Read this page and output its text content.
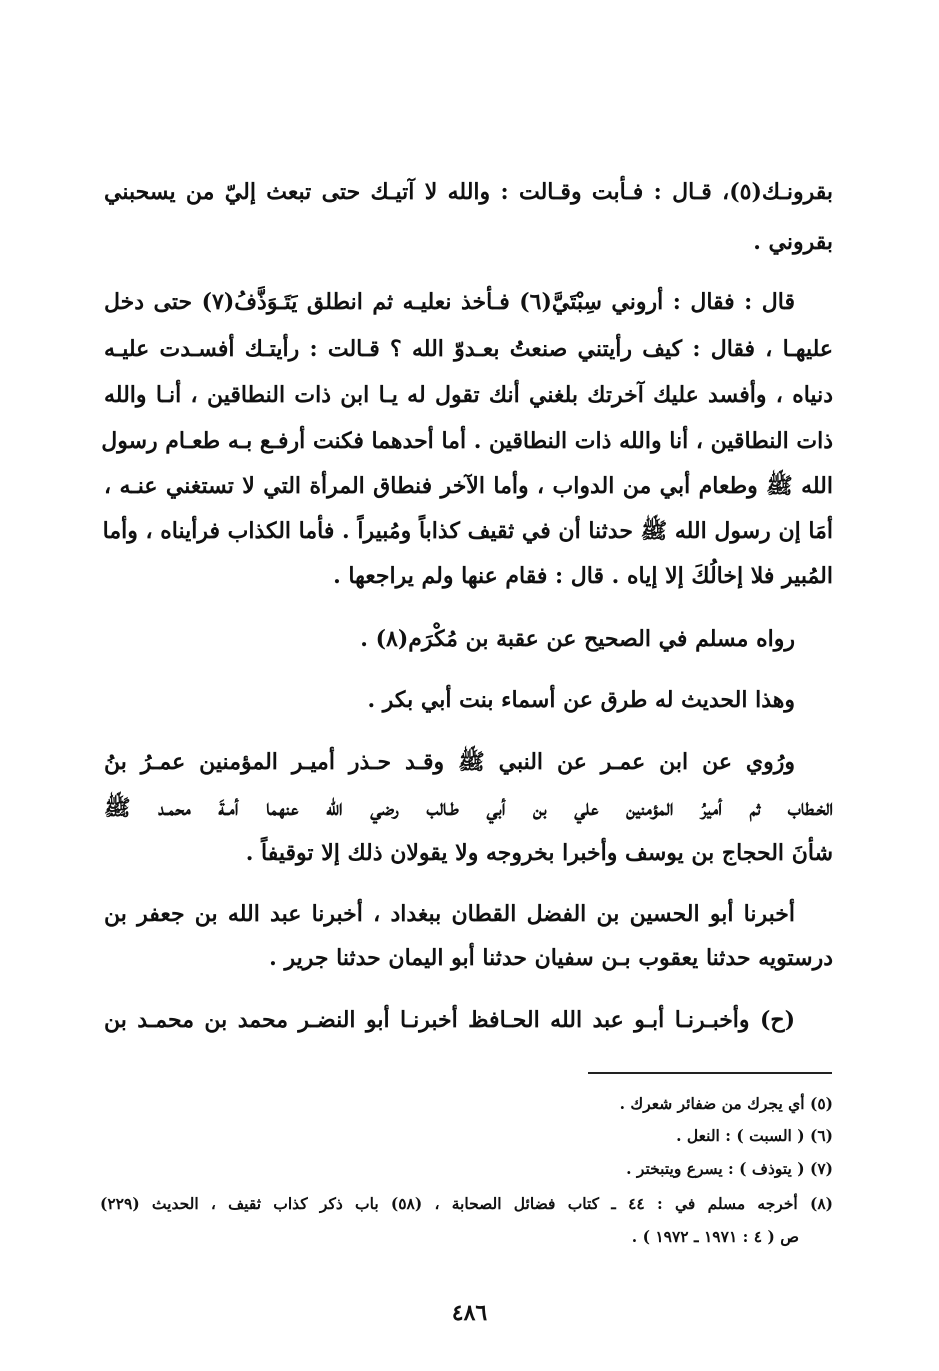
بقرونـك(٥)، قـال : فـأبت وقـالت : والله لا آتيـك حتى تبعث إليّ من يسحبني
بقروني .
قال : فقال : أروني سِبْتَيَّ(٦) فـأخذ نعليـه ثم انطلق يَتَـوَذَّفُ(٧) حتى دخل
عليهـا ، فقال : كيف رأيتني صنعتُ بعـدوّ الله ؟ قـالت : رأيتـك أفسـدت عليـه
دنياه ، وأفسد عليك آخرتك بلغني أنك تقول له يـا ابن ذات النطاقين ، أنـا والله
ذات النطاقين ، أنا والله ذات النطاقين . أما أحدهما فكنت أرفـع بـه طعـام رسول
الله ﷺ وطعام أبي من الدواب ، وأما الآخر فنطاق المرأة التي لا تستغني عنـه ،
أمَا إن رسول الله ﷺ حدثنا أن في ثقيف كذاباً ومُبيراً . فأما الكذاب فرأيناه ، وأما
المُبير فلا إخالُكَ إلا إياه . قال : فقام عنها ولم يراجعها .
رواه مسلم في الصحيح عن عقبة بن مُكْرَم(٨) .
وهذا الحديث له طرق عن أسماء بنت أبي بكر .
ورُوي عن ابن عمـر عن النبي ﷺ وقـد حـذر أميـر المؤمنين عمـرُ بنُ
الخـطاب ثم أميرُ المؤمنين علي بن أبي طـالب رضي الله عنهما أمـةَ محمـد ﷺ
شأنَ الحجاج بن يوسف وأخبرا بخروجه ولا يقولان ذلك إلا توقيفاً .
أخبرنا أبو الحسين بن الفضل القطان ببغداد ، أخبرنا عبد الله بن جعفر بن
درستويه حدثنا يعقوب بـن سفيان حدثنا أبو اليمان حدثنا جرير .
(ح) وأخبـرنـا أبـو عبد الله الحـافظ أخبرنـا أبو النضـر محمد بن محمـد بن
(٥) أي يجرك من ضفائر شعرك .
(٦) ( السبت ) : النعل .
(٧) ( يتوذف ) : يسرع ويتبختر .
(٨) أخرجه مسلم في : ٤٤ ـ كتاب فضائل الصحابة ، (٥٨) باب ذكر كذاب ثقيف ، الحديث (٢٢٩)
ص ( ٤ : ١٩٧١ ـ ١٩٧٢ ) .
٤٨٦
